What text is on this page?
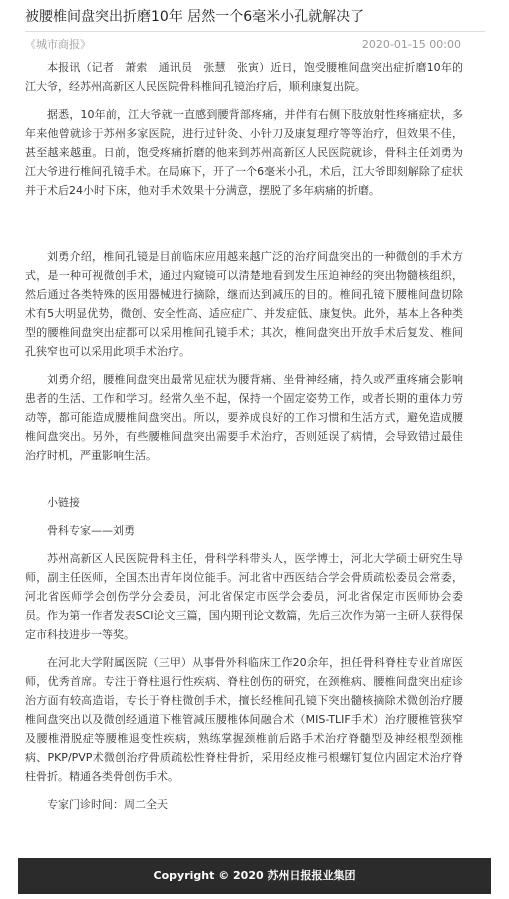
被腰椎间盘突出折磨10年 居然一个6毫米小孔就解决了
《城市商报》	2020-01-15 00:00

本报讯（记者　萧索　通讯员　张慧　张寅）近日，饱受腰椎间盘突出症折磨10年的江大爷，经苏州高新区人民医院骨科椎间孔镜治疗后，顺利康复出院。

据悉，10年前，江大爷就一直感到腰背部疼痛，并伴有右侧下肢放射性疼痛症状，多年来他曾就诊于苏州多家医院，进行过针灸、小针刀及康复理疗等等治疗，但效果不佳，甚至越来越重。日前，饱受疼痛折磨的他来到苏州高新区人民医院就诊，骨科主任刘勇为江大爷进行椎间孔镜手术。在局麻下，开了一个6毫米小孔，术后，江大爷即刻解除了症状并于术后24小时下床，他对手术效果十分满意，摆脱了多年病痛的折磨。

刘勇介绍，椎间孔镜是目前临床应用越来越广泛的治疗间盘突出的一种微创的手术方式，是一种可视微创手术，通过内窥镜可以清楚地看到发生压迫神经的突出物髓核组织，然后通过各类特殊的医用器械进行摘除，继而达到减压的目的。椎间孔镜下腰椎间盘切除术有5大明显优势，微创、安全性高、适应症广、并发症低、康复快。此外，基本上各种类型的腰椎间盘突出症都可以采用椎间孔镜手术；其次，椎间盘突出开放手术后复发、椎间孔狭窄也可以采用此项手术治疗。

刘勇介绍，腰椎间盘突出最常见症状为腰背痛、坐骨神经痛，持久或严重疼痛会影响患者的生活、工作和学习。经常久坐不起，保持一个固定姿势工作，或者长期的重体力劳动等，都可能造成腰椎间盘突出。所以，要养成良好的工作习惯和生活方式，避免造成腰椎间盘突出。另外，有些腰椎间盘突出需要手术治疗，否则延误了病情，会导致错过最佳治疗时机，严重影响生活。

小链接

骨科专家——刘勇

苏州高新区人民医院骨科主任，骨科学科带头人，医学博士，河北大学硕士研究生导师，副主任医师，全国杰出青年岗位能手。河北省中西医结合学会骨质疏松委员会常委，河北省医师学会创伤学分会委员，河北省保定市医学会委员，河北省保定市医师协会委员。作为第一作者发表SCI论文三篇，国内期刊论文数篇，先后三次作为第一主研人获得保定市科技进步一等奖。

在河北大学附属医院（三甲）从事骨外科临床工作20余年，担任骨科脊柱专业首席医师，优秀首席。专注于脊柱退行性疾病、脊柱创伤的研究，在颈椎病、腰椎间盘突出症诊治方面有较高造诣，专长于脊柱微创手术，擅长经椎间孔镜下突出髓核摘除术微创治疗腰椎间盘突出以及微创经通道下椎管减压腰椎体间融合术（MIS-TLIF手术）治疗腰椎管狭窄及腰椎滑脱症等腰椎退变性疾病，熟练掌握颈椎前后路手术治疗脊髓型及神经根型颈椎病、PKP/PVP术微创治疗骨质疏松性脊柱骨折，采用经皮椎弓根螺钉复位内固定术治疗脊柱骨折。精通各类骨创伤手术。

专家门诊时间：周二全天

Copyright © 2020 苏州日报报业集团
